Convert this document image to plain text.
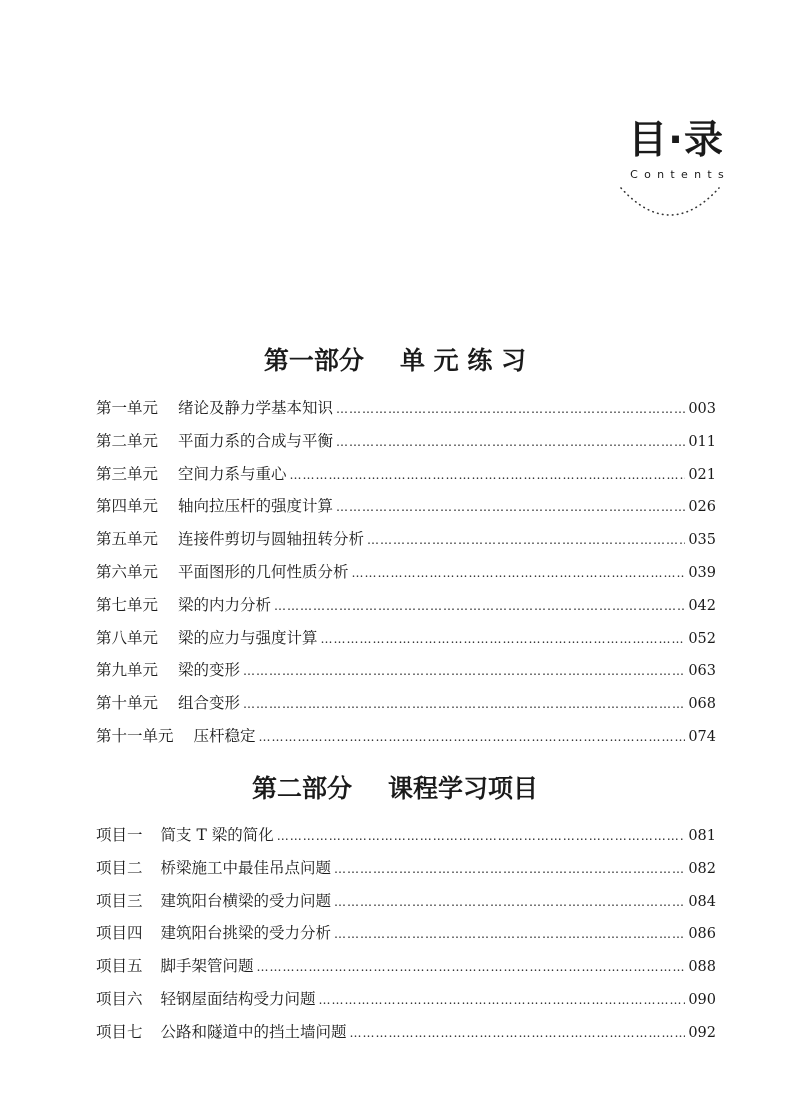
目·录
Contents
第一部分 单 元 练 习
第一单元 绪论及静力学基本知识 …………………………………………………………………………………………………………………………………………………………………………………………………	003
第二单元 平面力系的合成与平衡 …………………………………………………………………………………………………………………………………………………………………………………………………	011
第三单元 空间力系与重心 …………………………………………………………………………………………………………………………………………………………………………………………………	021
第四单元 轴向拉压杆的强度计算 …………………………………………………………………………………………………………………………………………………………………………………………………	026
第五单元 连接件剪切与圆轴扭转分析 …………………………………………………………………………………………………………………………………………………………………………………………………	035
第六单元 平面图形的几何性质分析 …………………………………………………………………………………………………………………………………………………………………………………………………	039
第七单元 梁的内力分析 …………………………………………………………………………………………………………………………………………………………………………………………………	042
第八单元 梁的应力与强度计算 …………………………………………………………………………………………………………………………………………………………………………………………………	052
第九单元 梁的变形 …………………………………………………………………………………………………………………………………………………………………………………………………	063
第十单元 组合变形 …………………………………………………………………………………………………………………………………………………………………………………………………	068
第十一单元 压杆稳定 …………………………………………………………………………………………………………………………………………………………………………………………………	074
第二部分 课程学习项目
项目一 简支 T 梁的简化 …………………………………………………………………………………………………………………………………………………………………………………………………	081
项目二 桥梁施工中最佳吊点问题 …………………………………………………………………………………………………………………………………………………………………………………………………	082
项目三 建筑阳台横梁的受力问题 …………………………………………………………………………………………………………………………………………………………………………………………………	084
项目四 建筑阳台挑梁的受力分析 …………………………………………………………………………………………………………………………………………………………………………………………………	086
项目五 脚手架管问题 …………………………………………………………………………………………………………………………………………………………………………………………………	088
项目六 轻钢屋面结构受力问题 …………………………………………………………………………………………………………………………………………………………………………………………………	090
项目七 公路和隧道中的挡土墙问题 …………………………………………………………………………………………………………………………………………………………………………………………………	092
